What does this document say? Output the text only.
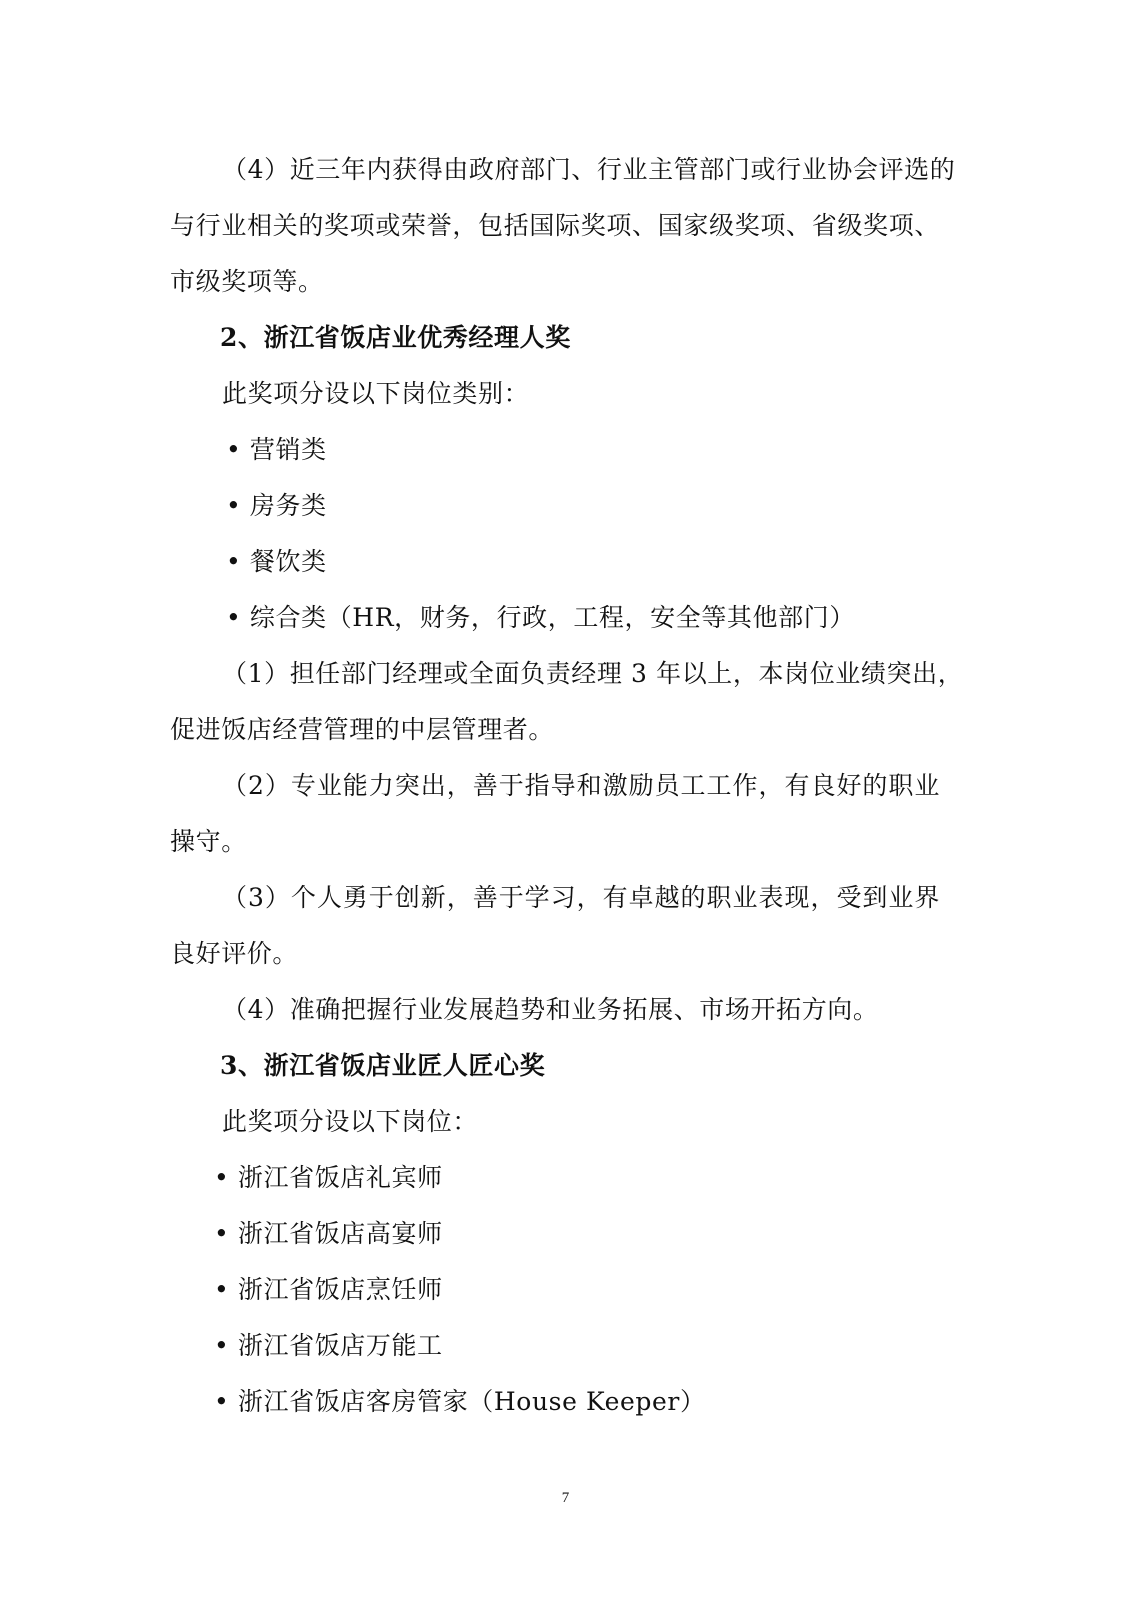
（4）近三年内获得由政府部门、行业主管部门或行业协会评选的
与行业相关的奖项或荣誉，包括国际奖项、国家级奖项、省级奖项、
市级奖项等。
2、浙江省饭店业优秀经理人奖
此奖项分设以下岗位类别：
• 营销类
• 房务类
• 餐饮类
• 综合类（HR，财务，行政，工程，安全等其他部门）
（1）担任部门经理或全面负责经理 3 年以上，本岗位业绩突出，
促进饭店经营管理的中层管理者。
（2）专业能力突出，善于指导和激励员工工作，有良好的职业
操守。
（3）个人勇于创新，善于学习，有卓越的职业表现，受到业界
良好评价。
（4）准确把握行业发展趋势和业务拓展、市场开拓方向。
3、浙江省饭店业匠人匠心奖
此奖项分设以下岗位：
• 浙江省饭店礼宾师
• 浙江省饭店高宴师
• 浙江省饭店烹饪师
• 浙江省饭店万能工
• 浙江省饭店客房管家（House Keeper）
7
